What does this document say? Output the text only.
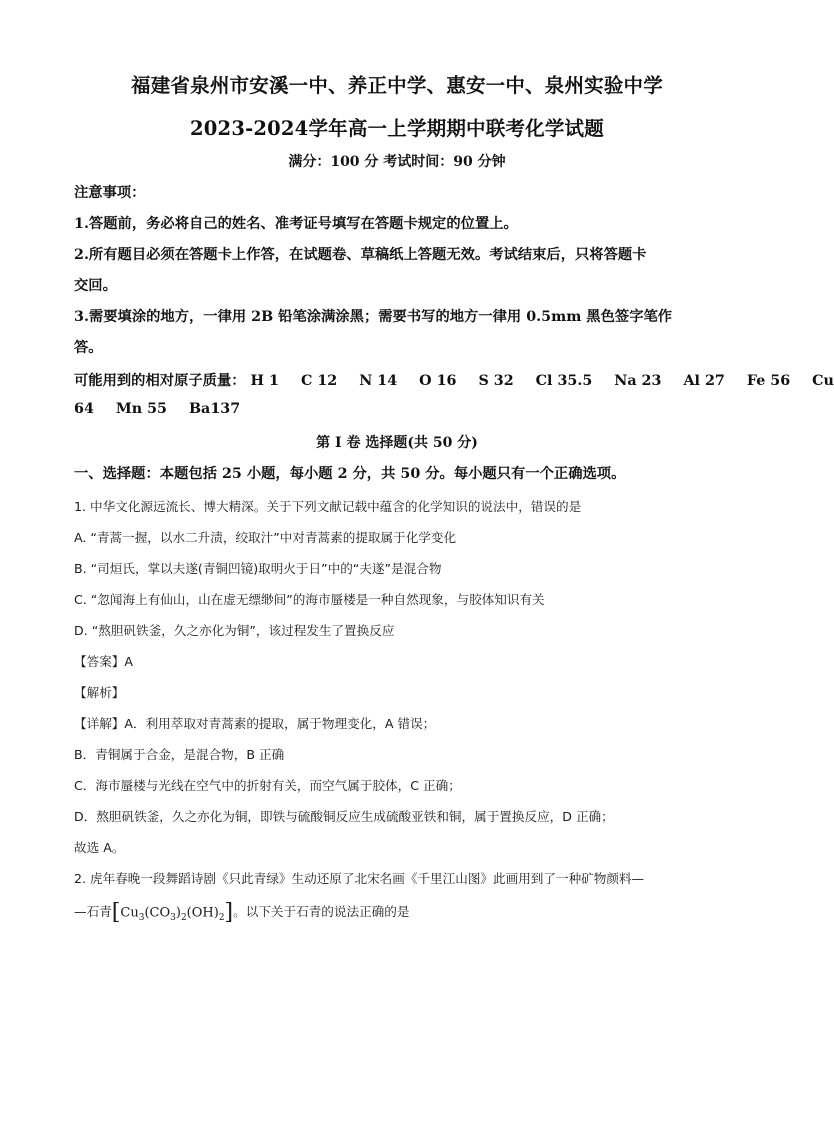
福建省泉州市安溪一中、养正中学、惠安一中、泉州实验中学
2023-2024学年高一上学期期中联考化学试题
满分：100 分 考试时间：90 分钟
注意事项：
1.答题前，务必将自己的姓名、准考证号填写在答题卡规定的位置上。
2.所有题目必须在答题卡上作答，在试题卷、草稿纸上答题无效。考试结束后，只将答题卡
交回。
3.需要填涂的地方，一律用 2B 铅笔涂满涂黑；需要书写的地方一律用 0.5mm 黑色签字笔作
答。
可能用到的相对原子质量： H 1 C 12 N 14 O 16 S 32 Cl 35.5 Na 23 Al 27 Fe 56 Cu
64 Mn 55 Ba137
第 I 卷 选择题(共 50 分)
一、选择题：本题包括 25 小题，每小题 2 分，共 50 分。每小题只有一个正确选项。
1. 中华文化源远流长、博大精深。关于下列文献记载中蕴含的化学知识的说法中，错误的是
A. “青蒿一握，以水二升渍，绞取汁”中对青蒿素的提取属于化学变化
B. “司烜氏，掌以夫遂(青铜凹镜)取明火于日”中的“夫遂”是混合物
C. “忽闻海上有仙山，山在虚无缥缈间”的海市蜃楼是一种自然现象，与胶体知识有关
D. “熬胆矾铁釜，久之亦化为铜”，该过程发生了置换反应
【答案】A
【解析】
【详解】A．利用萃取对青蒿素的提取，属于物理变化，A 错误；
B．青铜属于合金，是混合物，B 正确
C．海市蜃楼与光线在空气中的折射有关，而空气属于胶体，C 正确；
D．熬胆矾铁釜，久之亦化为铜，即铁与硫酸铜反应生成硫酸亚铁和铜，属于置换反应，D 正确；
故选 A。
2. 虎年春晚一段舞蹈诗剧《只此青绿》生动还原了北宋名画《千里江山图》此画用到了一种矿物颜料—
—石青$[Cu_3(CO_3)_2(OH)_2]$。以下关于石青的说法正确的是
